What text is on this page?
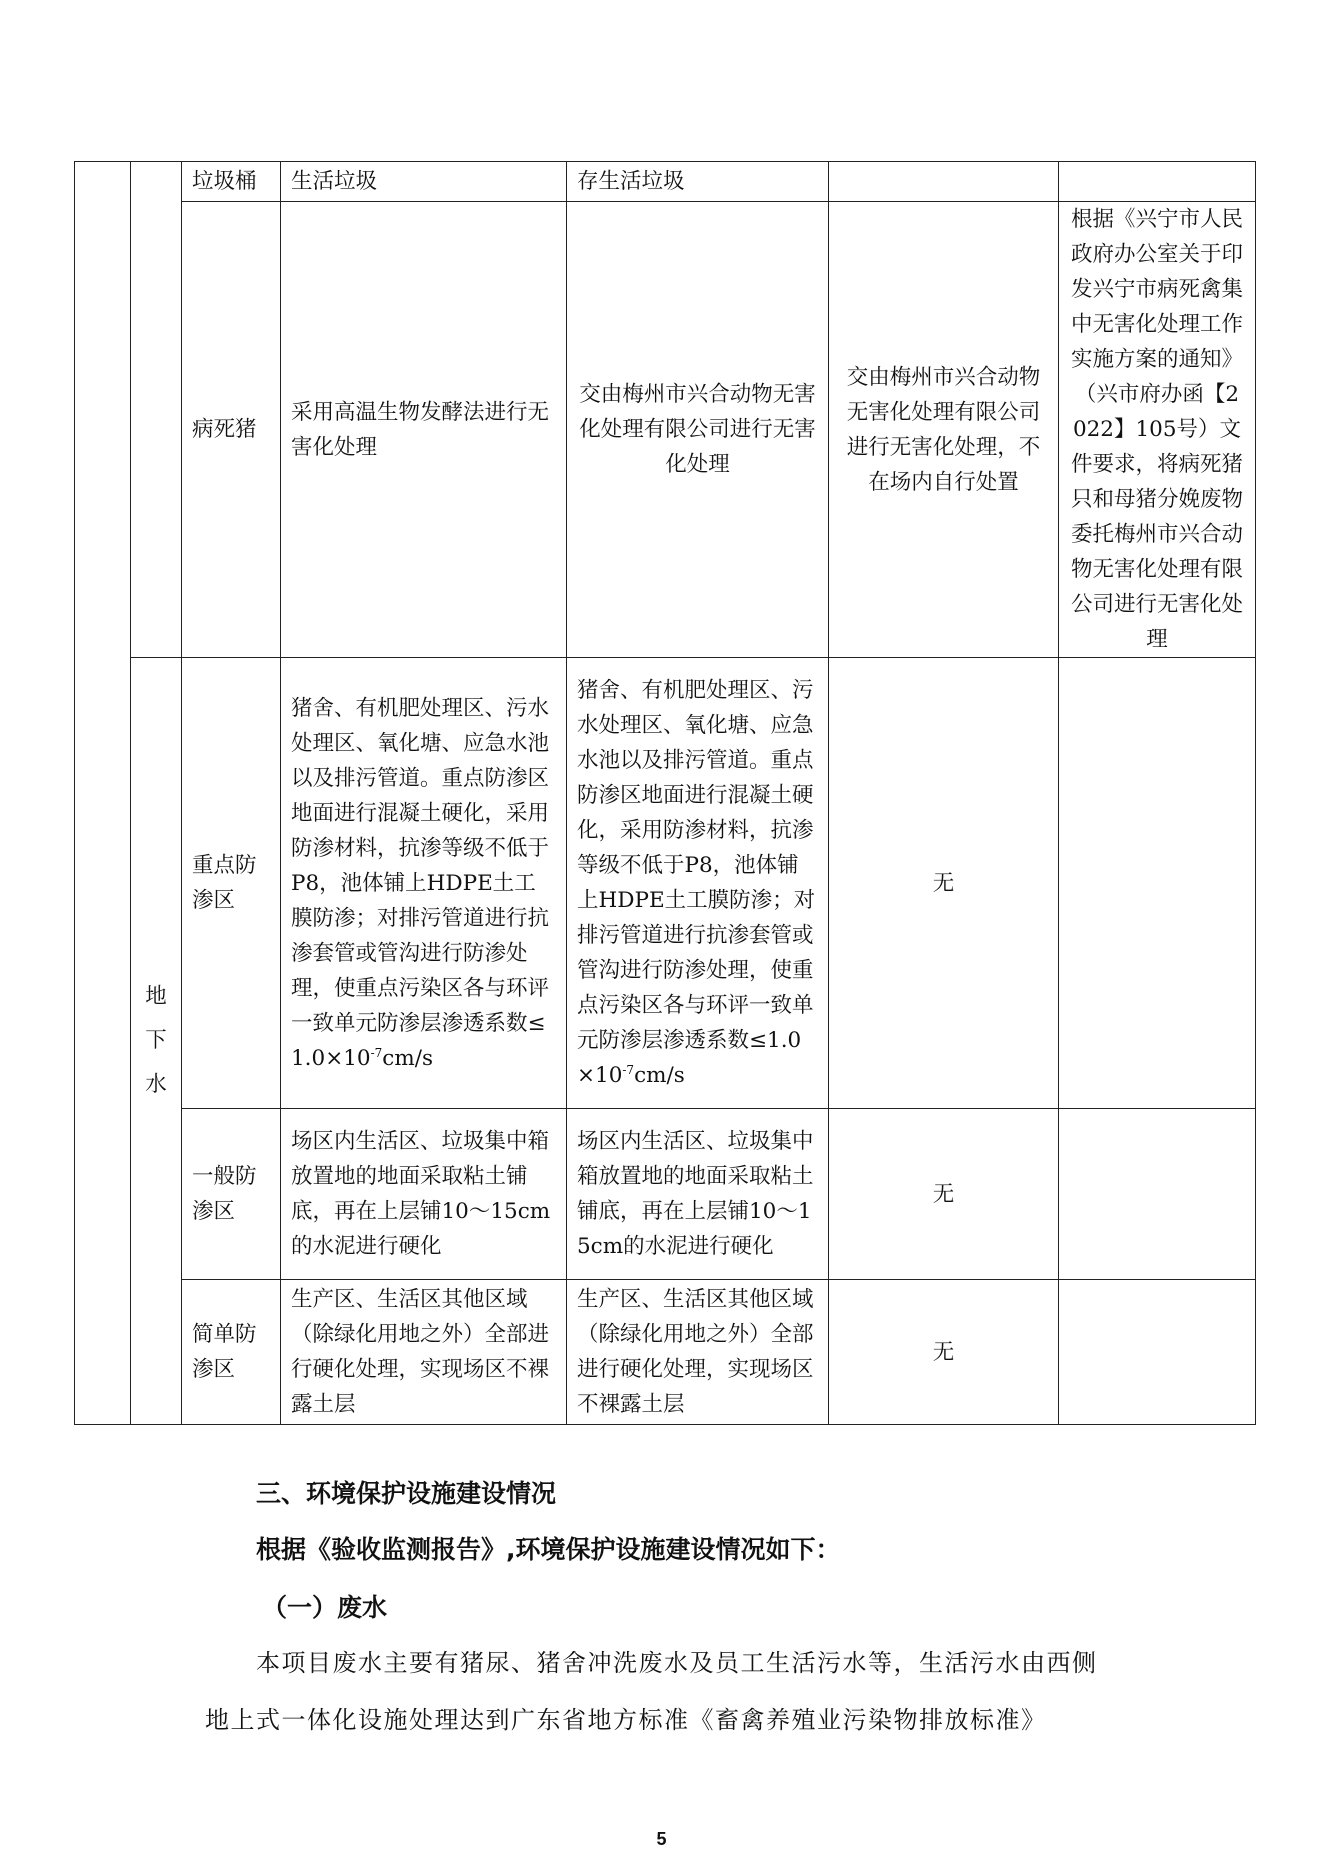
		垃圾桶	生活垃圾	存生活垃圾		
		病死猪	采用高温生物发酵法进行无害化处理	交由梅州市兴合动物无害化处理有限公司进行无害化处理	交由梅州市兴合动物无害化处理有限公司进行无害化处理，不在场内自行处置	根据《兴宁市人民政府办公室关于印发兴宁市病死禽集中无害化处理工作实施方案的通知》（兴市府办函【2022】105号）文件要求，将病死猪只和母猪分娩废物委托梅州市兴合动物无害化处理有限公司进行无害化处理

	地
下
水	重点防渗区	猪舍、有机肥处理区、污水处理区、氧化塘、应急水池以及排污管道。重点防渗区地面进行混凝土硬化，采用防渗材料，抗渗等级不低于P8，池体铺上HDPE土工膜防渗；对排污管道进行抗渗套管或管沟进行防渗处理，使重点污染区各与环评一致单元防渗层渗透系数$\le 1.0\times 10^{-7}cm/s$	猪舍、有机肥处理区、污水处理区、氧化塘、应急水池以及排污管道。重点防渗区地面进行混凝土硬化，采用防渗材料，抗渗等级不低于P8，池体铺上HDPE土工膜防渗；对排污管道进行抗渗套管或管沟进行防渗处理，使重点污染区各与环评一致单元防渗层渗透系数$\le 1.0\times 10^{-7}cm/s$	无	
		一般防渗区	场区内生活区、垃圾集中箱放置地的地面采取粘土铺底，再在上层铺10～15cm的水泥进行硬化	场区内生活区、垃圾集中箱放置地的地面采取粘土铺底，再在上层铺10～15cm的水泥进行硬化	无	
		简单防渗区	生产区、生活区其他区域（除绿化用地之外）全部进行硬化处理，实现场区不裸露土层	生产区、生活区其他区域（除绿化用地之外）全部进行硬化处理，实现场区不裸露土层	无	
三、环境保护设施建设情况
根据《验收监测报告》,环境保护设施建设情况如下：
（一）废水
本项目废水主要有猪尿、猪舍冲洗废水及员工生活污水等，生活污水由西侧
地上式一体化设施处理达到广东省地方标准《畜禽养殖业污染物排放标准》
5
